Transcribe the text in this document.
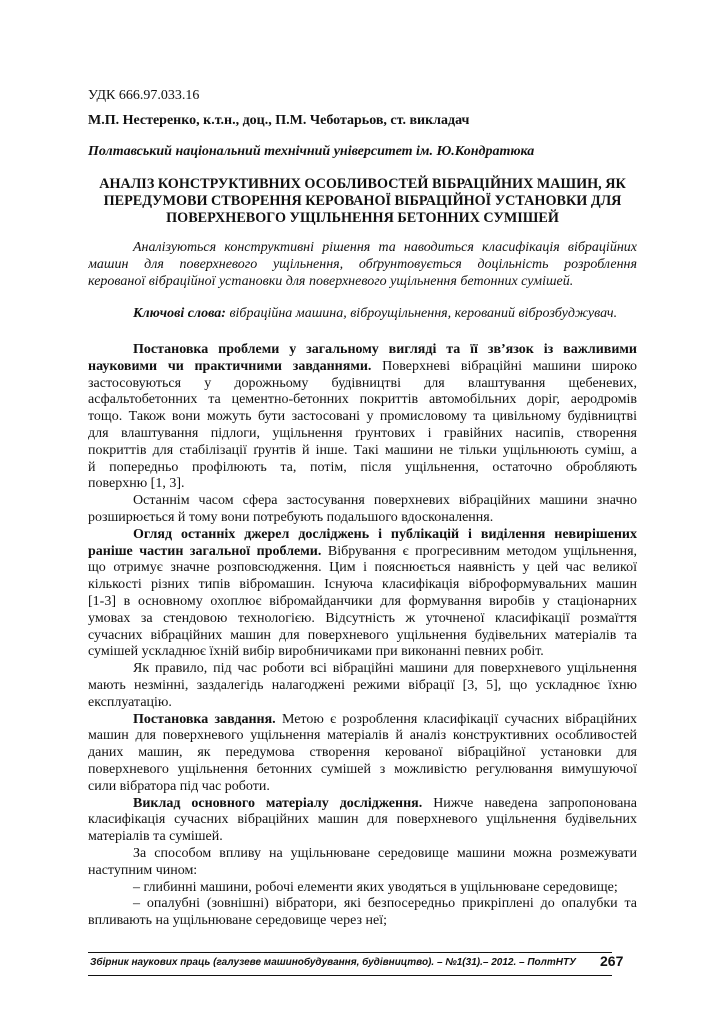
УДК 666.97.033.16
М.П. Нестеренко, к.т.н., доц., П.М. Чеботарьов, ст. викладач
Полтавський національний технічний університет ім. Ю.Кондратюка
АНАЛІЗ КОНСТРУКТИВНИХ ОСОБЛИВОСТЕЙ ВІБРАЦІЙНИХ МАШИН, ЯК
ПЕРЕДУМОВИ СТВОРЕННЯ КЕРОВАНОЇ ВІБРАЦІЙНОЇ УСТАНОВКИ ДЛЯ
ПОВЕРХНЕВОГО УЩІЛЬНЕННЯ БЕТОННИХ СУМІШЕЙ
Аналізуються конструктивні рішення та наводиться класифікація вібраційних
машин для поверхневого ущільнення, обґрунтовується доцільність розроблення
керованої вібраційної установки для поверхневого ущільнення бетонних сумішей.
Ключові слова: вібраційна машина, віброущільнення, керований віброзбуджувач.
Постановка проблеми у загальному вигляді та її зв’язок із важливими
науковими чи практичними завданнями. Поверхневі вібраційні машини широко
застосовуються у дорожньому будівництві для влаштування щебеневих,
асфальтобетонних та цементно-бетонних покриттів автомобільних доріг, аеродромів
тощо. Також вони можуть бути застосовані у промисловому та цивільному будівництві
для влаштування підлоги, ущільнення ґрунтових і гравійних насипів, створення
покриттів для стабілізації ґрунтів й інше. Такі машини не тільки ущільнюють суміш, а
й попередньо профілюють та, потім, після ущільнення, остаточно обробляють
поверхню [1, 3].
Останнім часом сфера застосування поверхневих вібраційних машини значно
розширюється й тому вони потребують подальшого вдосконалення.
Огляд останніх джерел досліджень і публікацій і виділення невирішених
раніше частин загальної проблеми. Вібрування є прогресивним методом ущільнення,
що отримує значне розповсюдження. Цим і пояснюється наявність у цей час великої
кількості різних типів вібромашин. Існуюча класифікація віброформувальних машин
[1-3] в основному охоплює вібромайданчики для формування виробів у стаціонарних
умовах за стендовою технологією. Відсутність ж уточненої класифікації розмаїття
сучасних вібраційних машин для поверхневого ущільнення будівельних матеріалів та
сумішей ускладнює їхній вибір виробничиками при виконанні певних робіт.
Як правило, під час роботи всі вібраційні машини для поверхневого ущільнення
мають незмінні, заздалегідь налагоджені режими вібрації [3, 5], що ускладнює їхню
експлуатацію.
Постановка завдання. Метою є розроблення класифікації сучасних вібраційних
машин для поверхневого ущільнення матеріалів й аналіз конструктивних особливостей
даних машин, як передумова створення керованої вібраційної установки для
поверхневого ущільнення бетонних сумішей з можливістю регулювання вимушуючої
сили вібратора під час роботи.
Виклад основного матеріалу дослідження. Нижче наведена запропонована
класифікація сучасних вібраційних машин для поверхневого ущільнення будівельних
матеріалів та сумішей.
За способом впливу на ущільнюване середовище машини можна розмежувати
наступним чином:
– глибинні машини, робочі елементи яких уводяться в ущільнюване середовище;
– опалубні (зовнішні) вібратори, які безпосередньо прикріплені до опалубки та
впливають на ущільнюване середовище через неї;
Збірник наукових праць (галузеве машинобудування, будівництво). – №1(31).– 2012. – ПолтНТУ 267
